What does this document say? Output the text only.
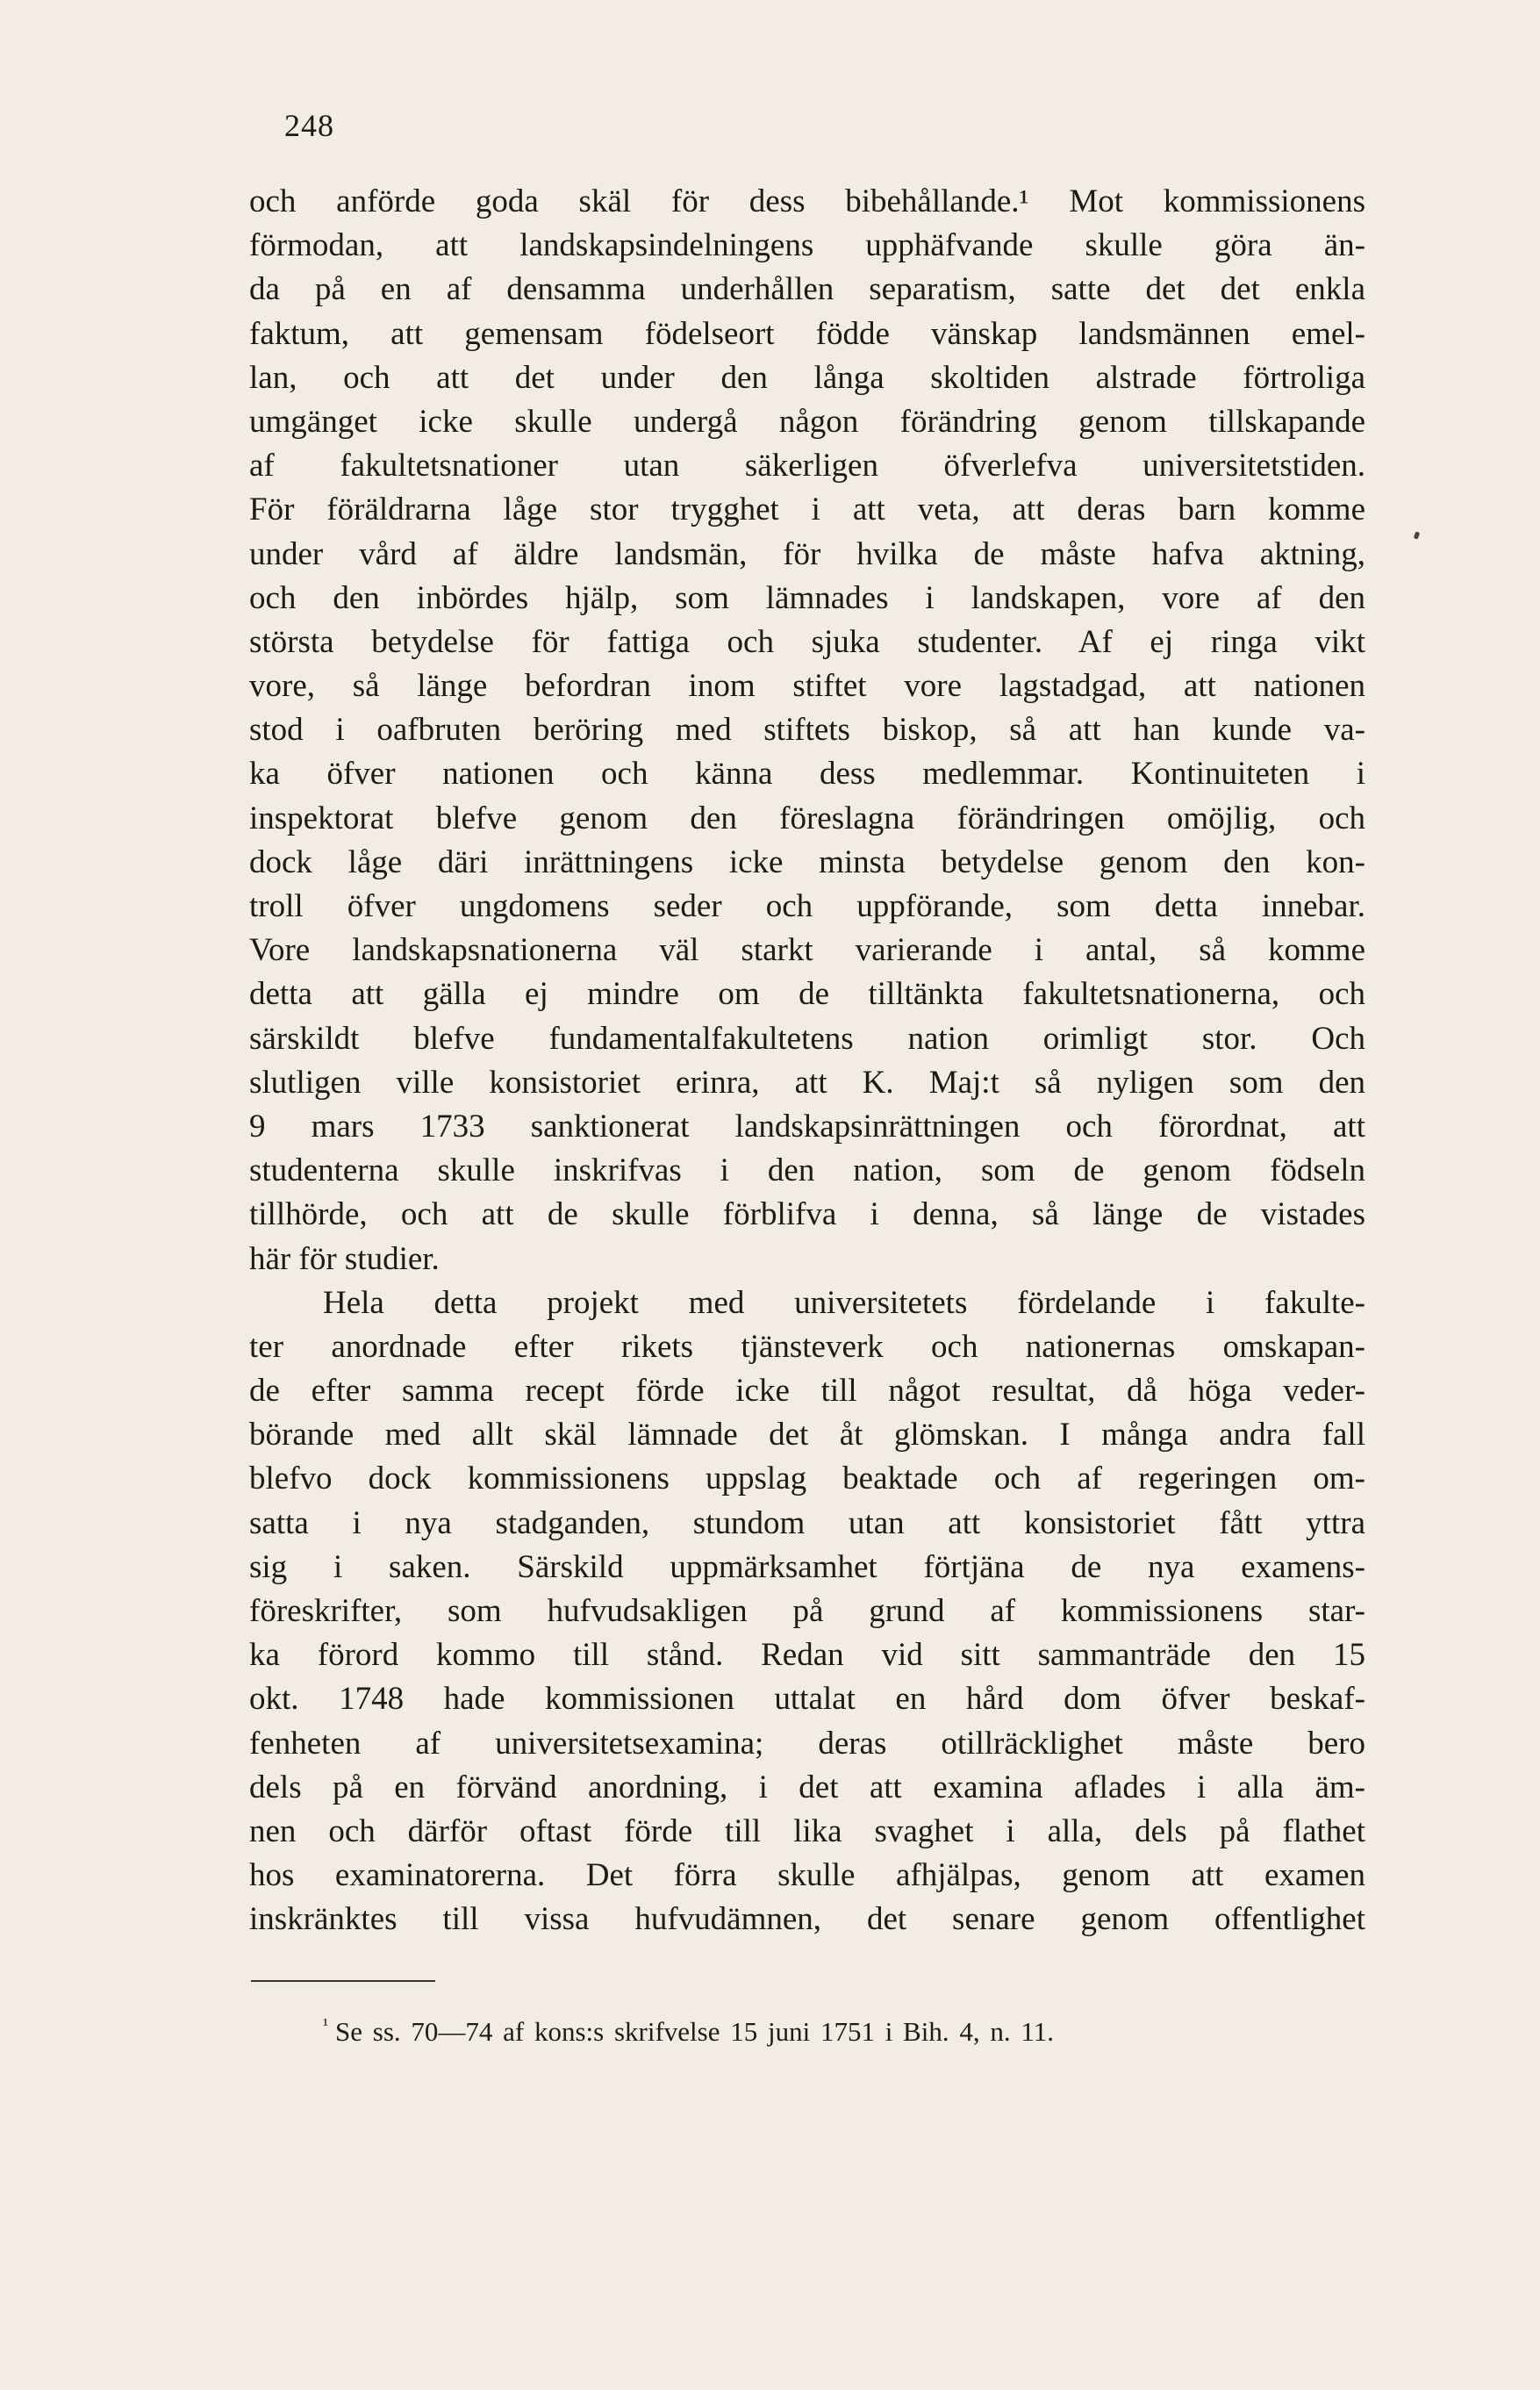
248
och anförde goda skäl för dess bibehållande.¹ Mot kommissionens
förmodan, att landskapsindelningens upphäfvande skulle göra än-
da på en af densamma underhållen separatism, satte det det enkla
faktum, att gemensam födelseort födde vänskap landsmännen emel-
lan, och att det under den långa skoltiden alstrade förtroliga
umgänget icke skulle undergå någon förändring genom tillskapande
af fakultetsnationer utan säkerligen öfverlefva universitetstiden.
För föräldrarna låge stor trygghet i att veta, att deras barn komme
under vård af äldre landsmän, för hvilka de måste hafva aktning,
och den inbördes hjälp, som lämnades i landskapen, vore af den
största betydelse för fattiga och sjuka studenter. Af ej ringa vikt
vore, så länge befordran inom stiftet vore lagstadgad, att nationen
stod i oafbruten beröring med stiftets biskop, så att han kunde va-
ka öfver nationen och känna dess medlemmar. Kontinuiteten i
inspektorat blefve genom den föreslagna förändringen omöjlig, och
dock låge däri inrättningens icke minsta betydelse genom den kon-
troll öfver ungdomens seder och uppförande, som detta innebar.
Vore landskapsnationerna väl starkt varierande i antal, så komme
detta att gälla ej mindre om de tilltänkta fakultetsnationerna, och
särskildt blefve fundamentalfakultetens nation orimligt stor. Och
slutligen ville konsistoriet erinra, att K. Maj:t så nyligen som den
9 mars 1733 sanktionerat landskapsinrättningen och förordnat, att
studenterna skulle inskrifvas i den nation, som de genom födseln
tillhörde, och att de skulle förblifva i denna, så länge de vistades
här för studier.
Hela detta projekt med universitetets fördelande i fakulte-
ter anordnade efter rikets tjänsteverk och nationernas omskapan-
de efter samma recept förde icke till något resultat, då höga veder-
börande med allt skäl lämnade det åt glömskan. I många andra fall
blefvo dock kommissionens uppslag beaktade och af regeringen om-
satta i nya stadganden, stundom utan att konsistoriet fått yttra
sig i saken. Särskild uppmärksamhet förtjäna de nya examens-
föreskrifter, som hufvudsakligen på grund af kommissionens star-
ka förord kommo till stånd. Redan vid sitt sammanträde den 15
okt. 1748 hade kommissionen uttalat en hård dom öfver beskaf-
fenheten af universitetsexamina; deras otillräcklighet måste bero
dels på en förvänd anordning, i det att examina aflades i alla äm-
nen och därför oftast förde till lika svaghet i alla, dels på flathet
hos examinatorerna. Det förra skulle afhjälpas, genom att examen
inskränktes till vissa hufvudämnen, det senare genom offentlighet
$^{^1}$ Se ss. 70—74 af kons:s skrifvelse 15 juni 1751 i Bih. 4, n. 11.
